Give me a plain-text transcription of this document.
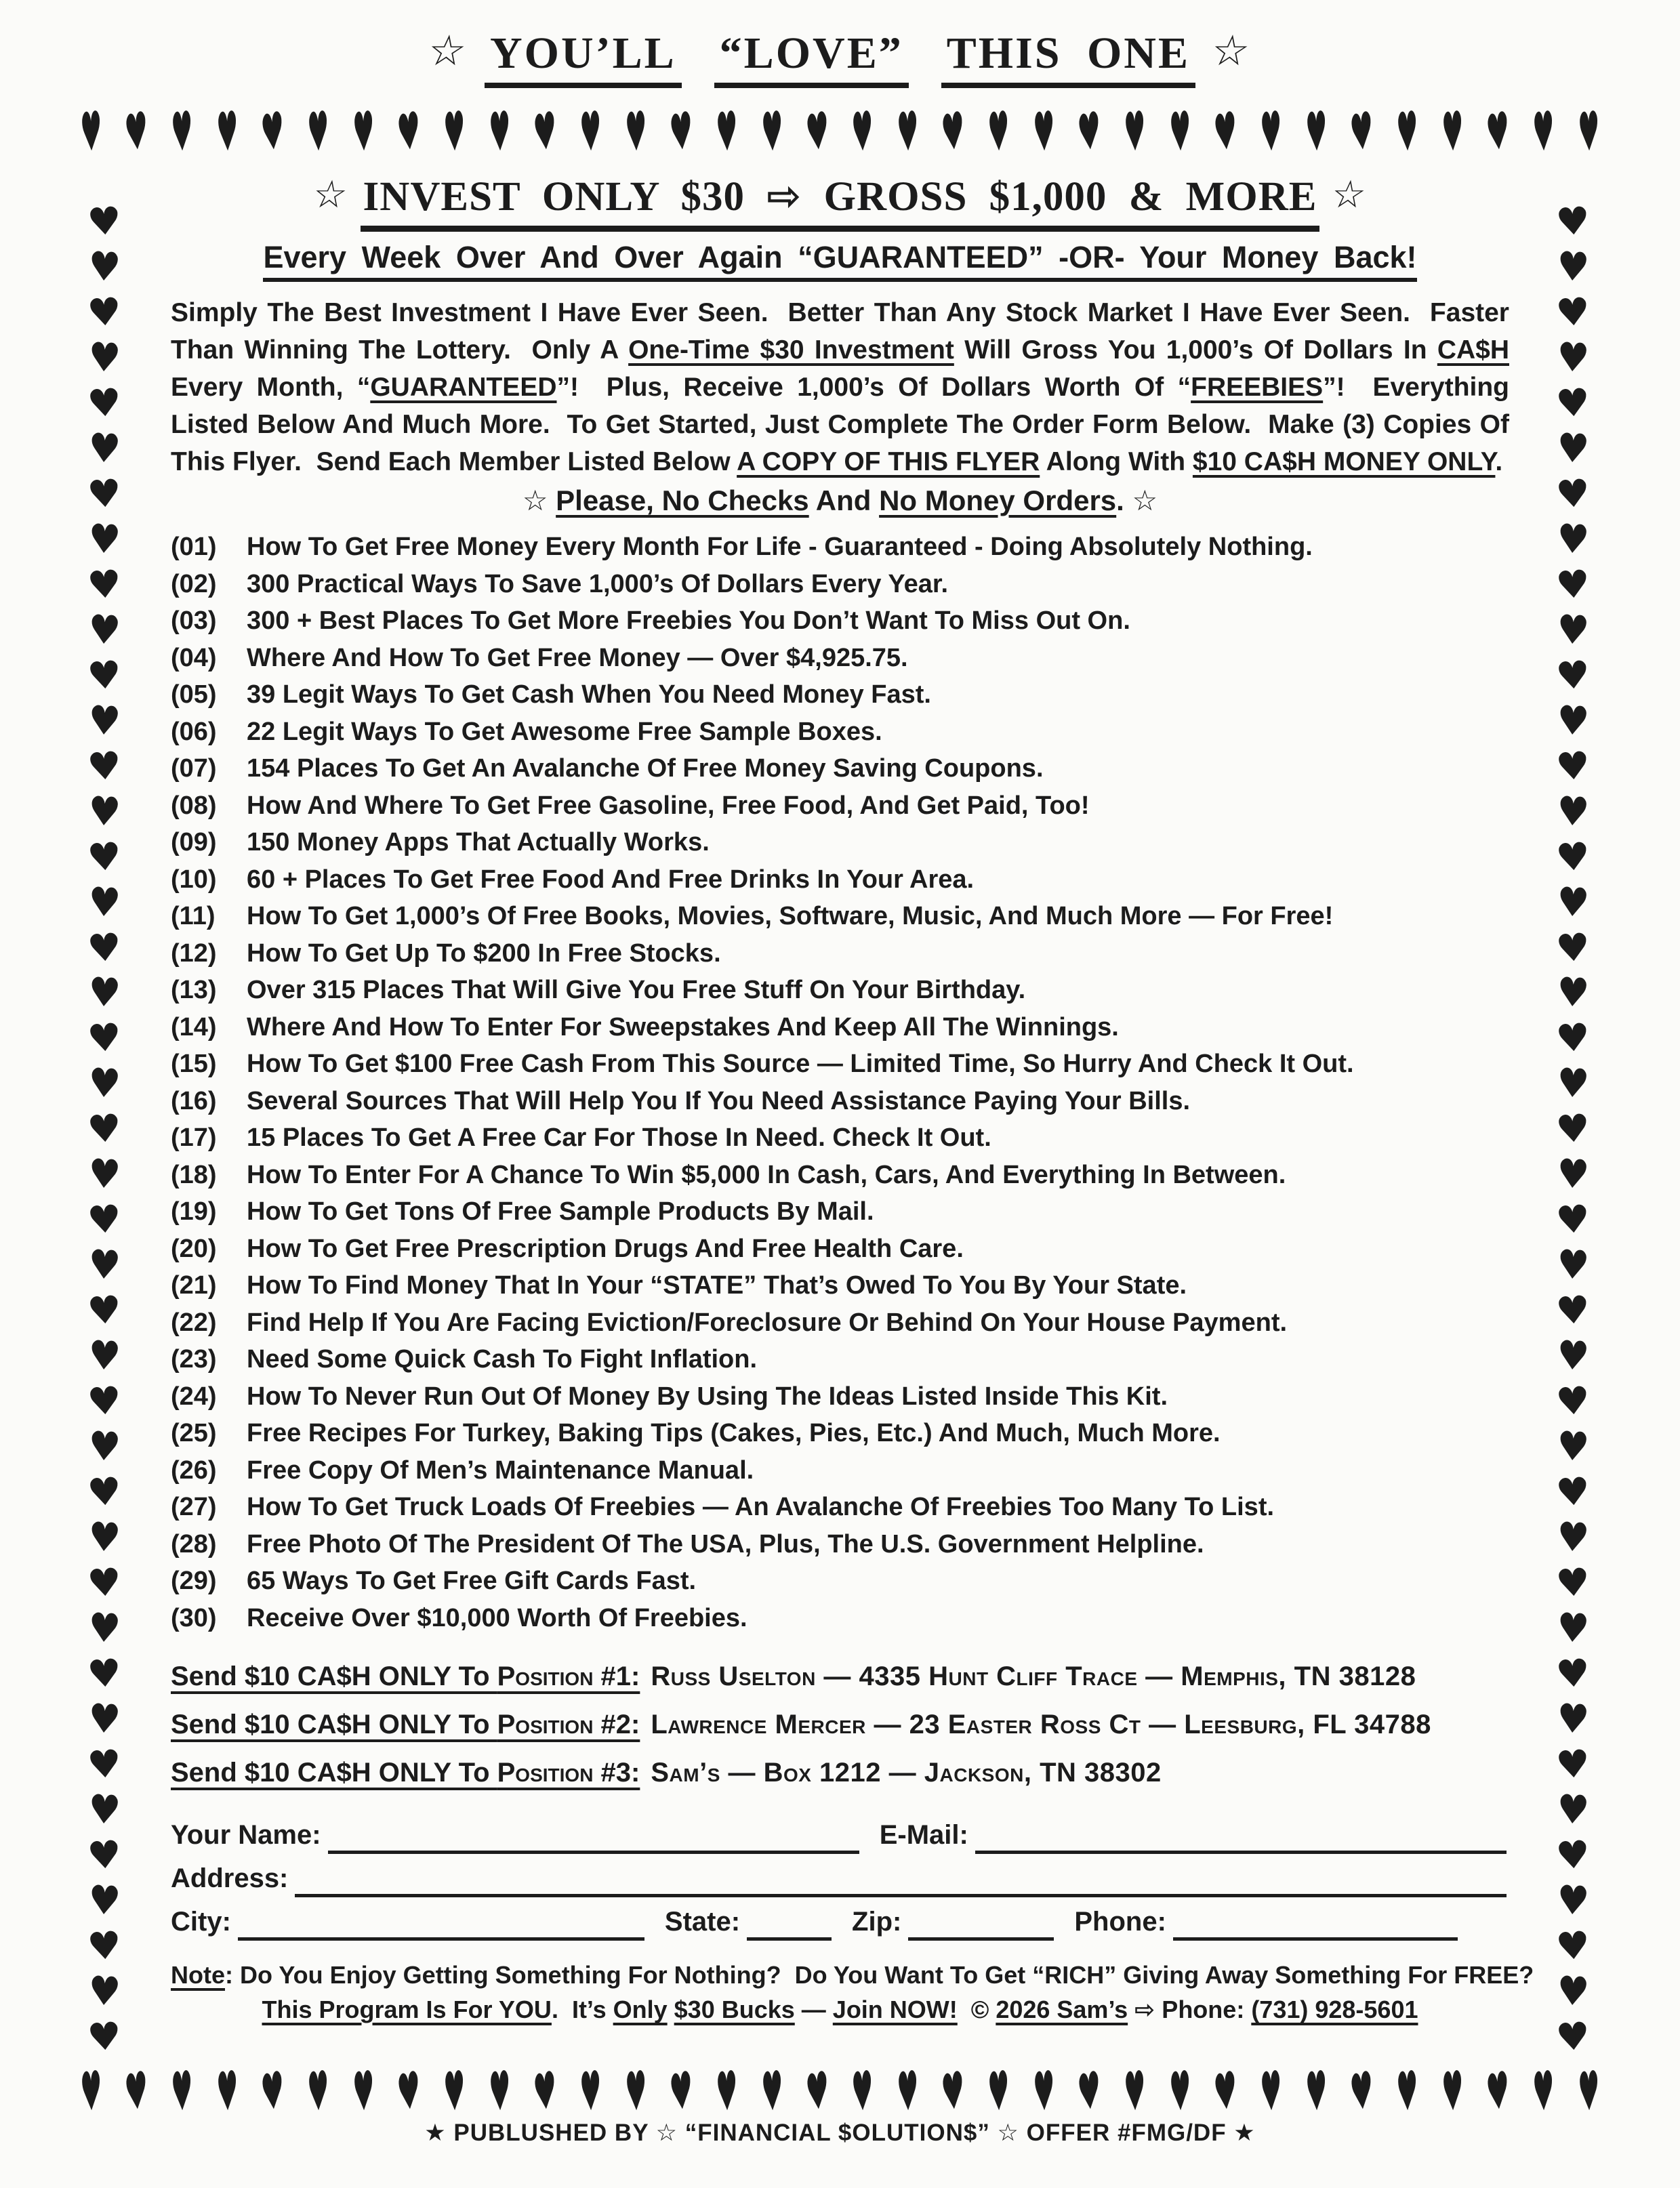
☆ YOU’LL “LOVE” THIS ONE ☆
♥ ♥ ♥ ♥ ♥ ♥ ♥ ♥ ♥ ♥ ♥ ♥ ♥ ♥ ♥ ♥ ♥ ♥ ♥ ♥ ♥ ♥ ♥ ♥ ♥ ♥ ♥ ♥ ♥ ♥ ♥ ♥ ♥ ♥
♥
♥
♥
♥
♥
♥
♥
♥
♥
♥
♥
♥
♥
♥
♥
♥
♥
♥
♥
♥
♥
♥
♥
♥
♥
♥
♥
♥
♥
♥
♥
♥
♥
♥
♥
♥
♥
♥
♥
♥
♥
♥
♥
♥
♥
♥
♥
♥
♥
♥
♥
♥
♥
♥
♥
♥
♥
♥
♥
♥
♥
♥
♥
♥
♥
♥
♥
♥
♥
♥
♥
♥
♥
♥
♥
♥
♥
♥
♥
♥
♥
♥
☆ INVEST ONLY $30 ⇨ GROSS $1,000 & MORE ☆
Every Week Over And Over Again “GUARANTEED” -OR- Your Money Back!

Simply The Best Investment I Have Ever Seen.  Better Than Any Stock Market I Have Ever Seen.  Faster Than Winning The Lottery.  Only A One-Time $30 Investment Will Gross You 1,000’s Of Dollars In CA$H Every Month, “GUARANTEED”!  Plus, Receive 1,000’s Of Dollars Worth Of “FREEBIES”!  Everything Listed Below And Much More.  To Get Started, Just Complete The Order Form Below.  Make (3) Copies Of This Flyer.  Send Each Member Listed Below A COPY OF THIS FLYER Along With $10 CA$H MONEY ONLY.

☆ Please, No Checks And No Money Orders. ☆
(01)	How To Get Free Money Every Month For Life - Guaranteed - Doing Absolutely Nothing.
(02)	300 Practical Ways To Save 1,000’s Of Dollars Every Year.
(03)	300 + Best Places To Get More Freebies You Don’t Want To Miss Out On.
(04)	Where And How To Get Free Money — Over $4,925.75.
(05)	39 Legit Ways To Get Cash When You Need Money Fast.
(06)	22 Legit Ways To Get Awesome Free Sample Boxes.
(07)	154 Places To Get An Avalanche Of Free Money Saving Coupons.
(08)	How And Where To Get Free Gasoline, Free Food, And Get Paid, Too!
(09)	150 Money Apps That Actually Works.
(10)	60 + Places To Get Free Food And Free Drinks In Your Area.
(11)	How To Get 1,000’s Of Free Books, Movies, Software, Music, And Much More — For Free!
(12)	How To Get Up To $200 In Free Stocks.
(13)	Over 315 Places That Will Give You Free Stuff On Your Birthday.
(14)	Where And How To Enter For Sweepstakes And Keep All The Winnings.
(15)	How To Get $100 Free Cash From This Source — Limited Time, So Hurry And Check It Out.
(16)	Several Sources That Will Help You If You Need Assistance Paying Your Bills.
(17)	15 Places To Get A Free Car For Those In Need. Check It Out.
(18)	How To Enter For A Chance To Win $5,000 In Cash, Cars, And Everything In Between.
(19)	How To Get Tons Of Free Sample Products By Mail.
(20)	How To Get Free Prescription Drugs And Free Health Care.
(21)	How To Find Money That In Your “STATE” That’s Owed To You By Your State.
(22)	Find Help If You Are Facing Eviction/Foreclosure Or Behind On Your House Payment.
(23)	Need Some Quick Cash To Fight Inflation.
(24)	How To Never Run Out Of Money By Using The Ideas Listed Inside This Kit.
(25)	Free Recipes For Turkey, Baking Tips (Cakes, Pies, Etc.) And Much, Much More.
(26)	Free Copy Of Men’s Maintenance Manual.
(27)	How To Get Truck Loads Of Freebies — An Avalanche Of Freebies Too Many To List.
(28)	Free Photo Of The President Of The USA, Plus, The U.S. Government Helpline.
(29)	65 Ways To Get Free Gift Cards Fast.
(30)	Receive Over $10,000 Worth Of Freebies.
Send $10 CA$H ONLY To Position #1: Russ Uselton — 4335 Hunt Cliff Trace — Memphis, TN 38128
Send $10 CA$H ONLY To Position #2: Lawrence Mercer — 23 Easter Ross Ct — Leesburg, FL 34788
Send $10 CA$H ONLY To Position #3: Sam’s — Box 1212 — Jackson, TN 38302
Your Name:	E-Mail:
Address:
City:	State:	Zip:	Phone:
Note: Do You Enjoy Getting Something For Nothing?  Do You Want To Get “RICH” Giving Away Something For FREE?
This Program Is For YOU.  It’s Only $30 Bucks — Join NOW!  © 2026 Sam’s ⇨ Phone: (731) 928-5601
♥ ♥ ♥ ♥ ♥ ♥ ♥ ♥ ♥ ♥ ♥ ♥ ♥ ♥ ♥ ♥ ♥ ♥ ♥ ♥ ♥ ♥ ♥ ♥ ♥ ♥ ♥ ♥ ♥ ♥ ♥ ♥ ♥ ♥
★ PUBLUSHED BY ☆ “FINANCIAL $OLUTION$” ☆ OFFER #FMG/DF ★
